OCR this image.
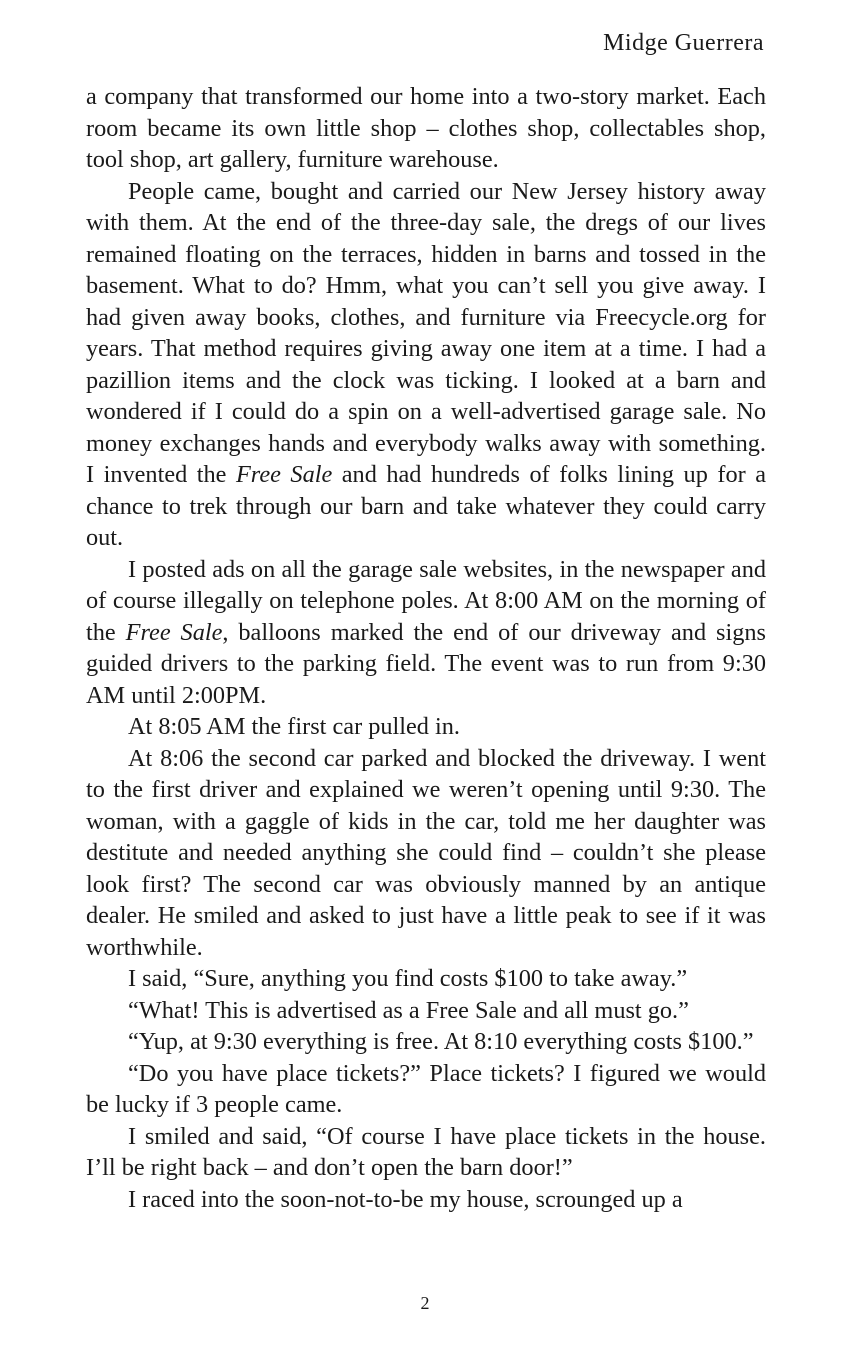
Midge Guerrera

a company that transformed our home into a two-story market. Each room became its own little shop – clothes shop, collectables shop, tool shop, art gallery, furniture warehouse.

People came, bought and carried our New Jersey history away with them. At the end of the three-day sale, the dregs of our lives remained floating on the terraces, hidden in barns and tossed in the basement. What to do? Hmm, what you can’t sell you give away. I had given away books, clothes, and furniture via Freecycle.org for years. That method requires giving away one item at a time. I had a pazillion items and the clock was ticking. I looked at a barn and wondered if I could do a spin on a well-advertised garage sale. No money exchanges hands and everybody walks away with something. I invented the Free Sale and had hundreds of folks lining up for a chance to trek through our barn and take whatever they could carry out.

I posted ads on all the garage sale websites, in the newspaper and of course illegally on telephone poles. At 8:00 AM on the morning of the Free Sale, balloons marked the end of our driveway and signs guided drivers to the parking field. The event was to run from 9:30 AM until 2:00PM.

At 8:05 AM the first car pulled in.

At 8:06 the second car parked and blocked the driveway. I went to the first driver and explained we weren’t opening until 9:30. The woman, with a gaggle of kids in the car, told me her daughter was destitute and needed anything she could find – couldn’t she please look first? The second car was obviously manned by an antique dealer. He smiled and asked to just have a little peak to see if it was worthwhile.

I said, “Sure, anything you find costs $100 to take away.”

“What! This is advertised as a Free Sale and all must go.”

“Yup, at 9:30 everything is free. At 8:10 everything costs $100.”

“Do you have place tickets?” Place tickets? I figured we would be lucky if 3 people came.

I smiled and said, “Of course I have place tickets in the house. I’ll be right back – and don’t open the barn door!”

I raced into the soon-not-to-be my house, scrounged up a

2
